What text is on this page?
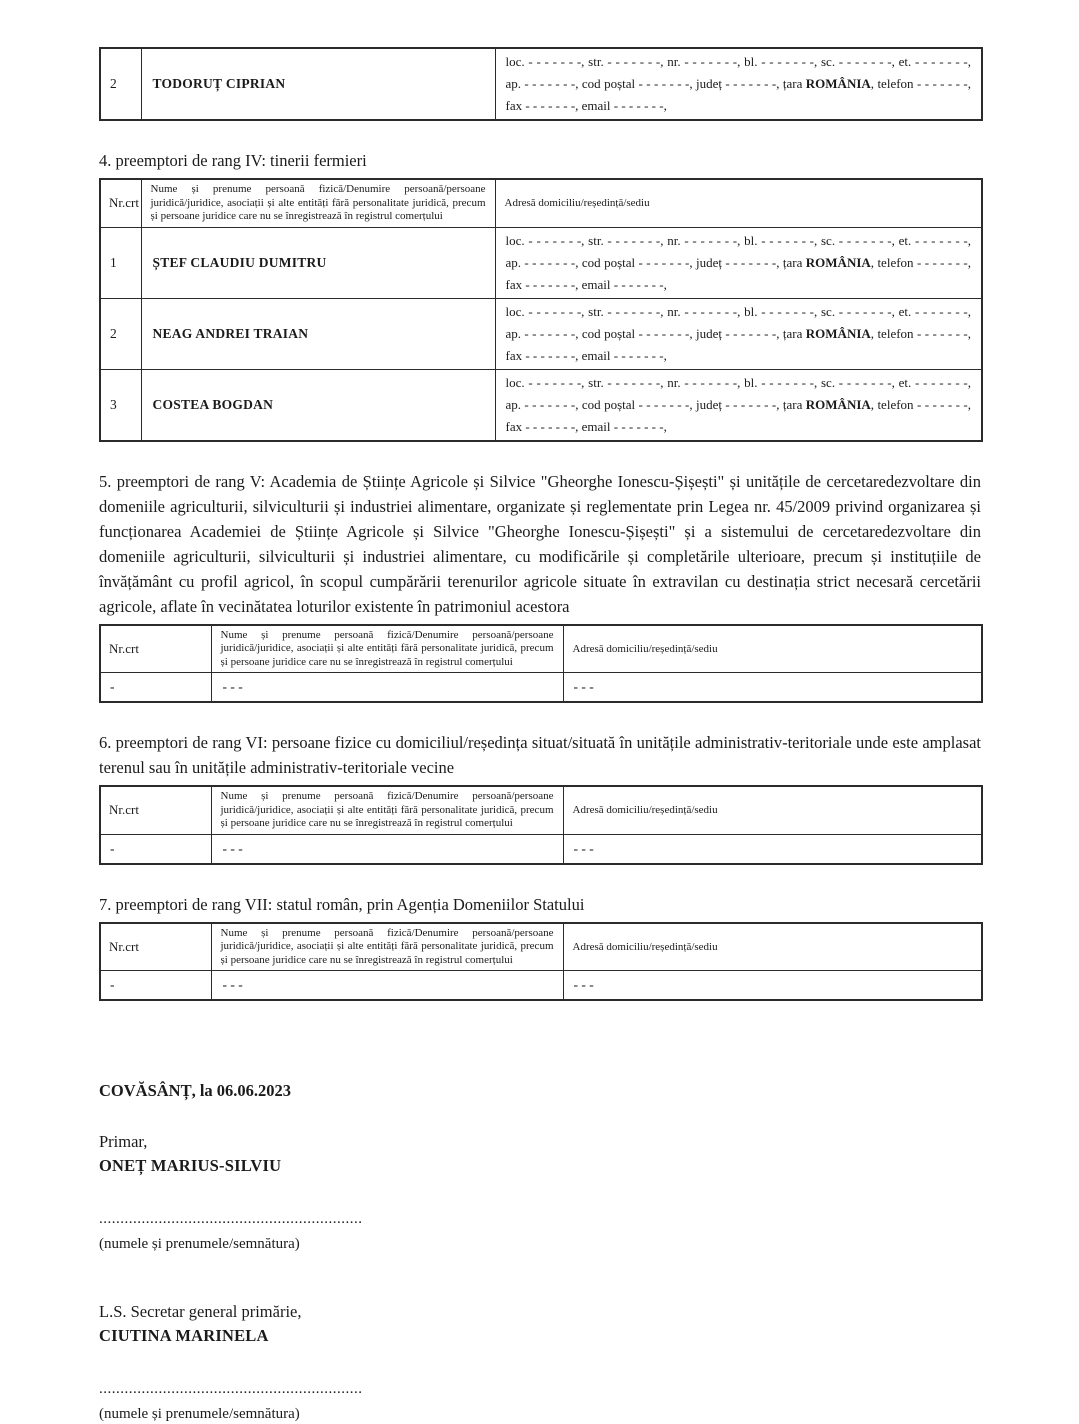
2	TODORUȚ CIPRIAN	
loc. - - - - - - -, str. - - - - - - -, nr. - - - - - - -, bl. - - - - - - -, sc. - - - - - - -, et. - - - - - - -,
ap. - - - - - - -, cod poștal - - - - - - -, județ - - - - - - -, țara ROMÂNIA, telefon - - - - - - -,
fax - - - - - - -, email - - - - - - -,
4. preemptori de rang IV: tinerii fermieri
Nr.crt	Nume și prenume persoană fizică/Denumire persoană/persoane juridică/juridice, asociații și alte entități fără personalitate juridică, precum și persoane juridice care nu se înregistrează în registrul comerțului	Adresă domiciliu/reședință/sediu
1	ȘTEF CLAUDIU DUMITRU	loc. - - - - - - -, str. - - - - - - -, nr. - - - - - - -, bl. - - - - - - -, sc. - - - - - - -, et. - - - - - - -,
ap. - - - - - - -, cod poștal - - - - - - -, județ - - - - - - -, țara ROMÂNIA, telefon - - - - - - -,
fax - - - - - - -, email - - - - - - -,

2	NEAG ANDREI TRAIAN	loc. - - - - - - -, str. - - - - - - -, nr. - - - - - - -, bl. - - - - - - -, sc. - - - - - - -, et. - - - - - - -,
ap. - - - - - - -, cod poștal - - - - - - -, județ - - - - - - -, țara ROMÂNIA, telefon - - - - - - -,
fax - - - - - - -, email - - - - - - -,

3	COSTEA BOGDAN	loc. - - - - - - -, str. - - - - - - -, nr. - - - - - - -, bl. - - - - - - -, sc. - - - - - - -, et. - - - - - - -,
ap. - - - - - - -, cod poștal - - - - - - -, județ - - - - - - -, țara ROMÂNIA, telefon - - - - - - -,
fax - - - - - - -, email - - - - - - -,
5. preemptori de rang V: Academia de Științe Agricole și Silvice "Gheorghe Ionescu-Șișești" și unitățile de cercetaredezvoltare din domeniile agriculturii, silviculturii și industriei alimentare, organizate și reglementate prin Legea nr. 45/2009 privind organizarea și funcționarea Academiei de Științe Agricole și Silvice "Gheorghe Ionescu-Șișești" și a sistemului de cercetaredezvoltare din domeniile agriculturii, silviculturii și industriei alimentare, cu modificările și completările ulterioare, precum și instituțiile de învățământ cu profil agricol, în scopul cumpărării terenurilor agricole situate în extravilan cu destinația strict necesară cercetării agricole, aflate în vecinătatea loturilor existente în patrimoniul acestora
Nr.crt	Nume și prenume persoană fizică/Denumire persoană/persoane juridică/juridice, asociații și alte entități fără personalitate juridică, precum și persoane juridice care nu se înregistrează în registrul comerțului	Adresă domiciliu/reședință/sediu
-	- - -	- - -
6. preemptori de rang VI: persoane fizice cu domiciliul/reședința situat/situată în unitățile administrativ-teritoriale unde este amplasat terenul sau în unitățile administrativ-teritoriale vecine
Nr.crt	Nume și prenume persoană fizică/Denumire persoană/persoane juridică/juridice, asociații și alte entități fără personalitate juridică, precum și persoane juridice care nu se înregistrează în registrul comerțului	Adresă domiciliu/reședință/sediu
-	- - -	- - -
7. preemptori de rang VII: statul român, prin Agenția Domeniilor Statului
Nr.crt	Nume și prenume persoană fizică/Denumire persoană/persoane juridică/juridice, asociații și alte entități fără personalitate juridică, precum și persoane juridice care nu se înregistrează în registrul comerțului	Adresă domiciliu/reședință/sediu
-	- - -	- - -
COVĂSÂNȚ, la 06.06.2023
Primar,
ONEȚ MARIUS-SILVIU
..............................................................
(numele și prenumele/semnătura)
L.S. Secretar general primărie,
CIUTINA MARINELA
..............................................................
(numele și prenumele/semnătura)
